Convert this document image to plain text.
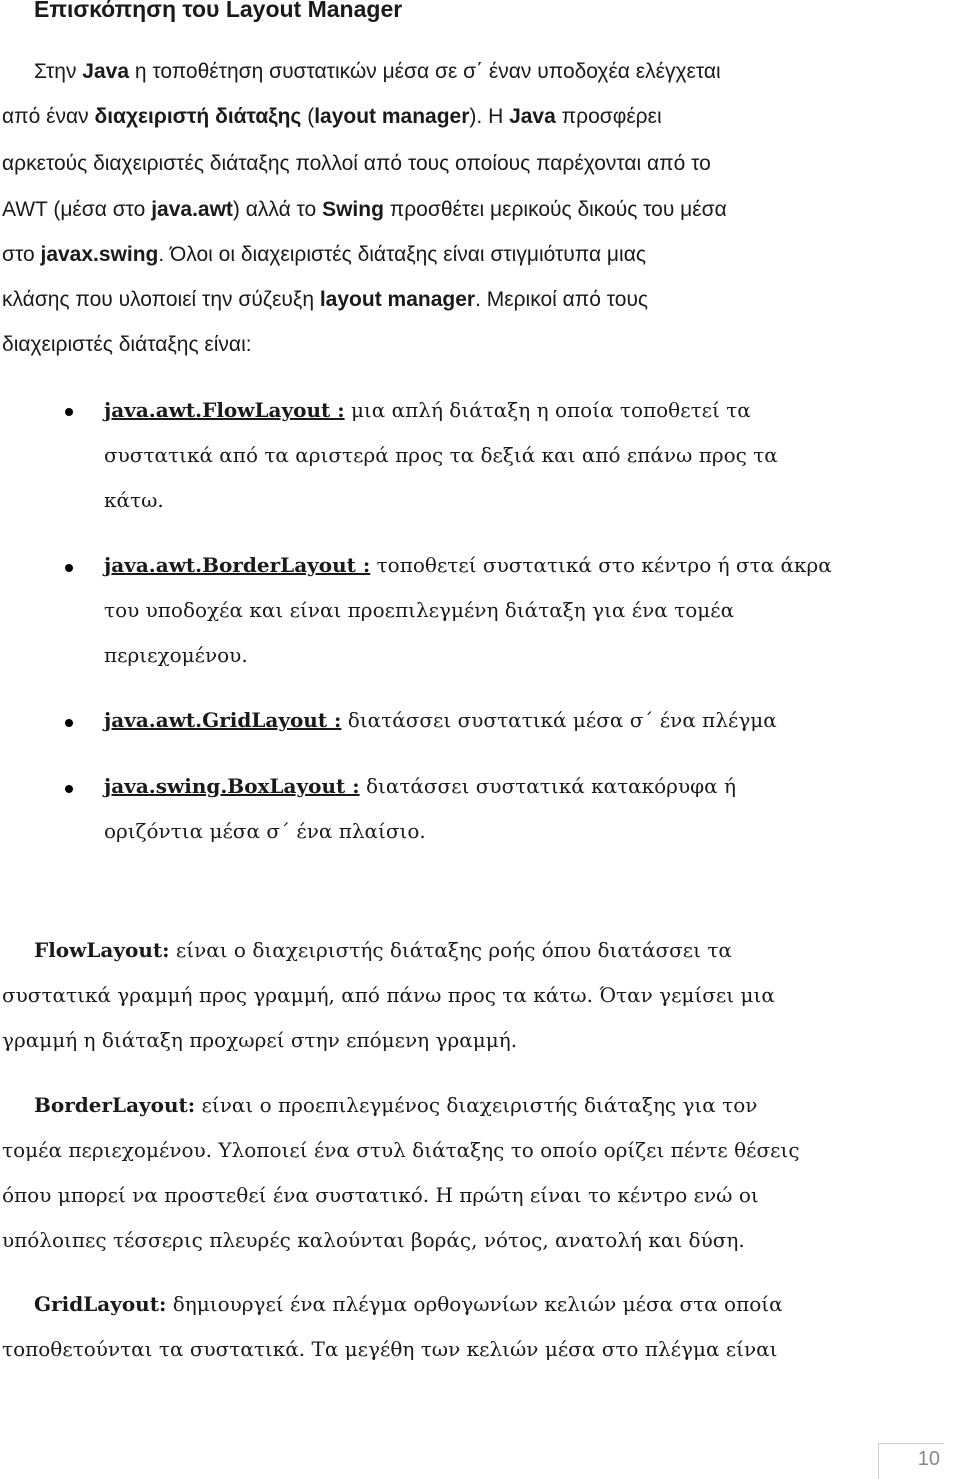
Επισκόπηση του Layout Manager
Στην Java η τοποθέτηση συστατικών μέσα σε σ΄ έναν υποδοχέα ελέγχεται
από έναν διαχειριστή διάταξης (layout manager). Η Java προσφέρει
αρκετούς διαχειριστές διάταξης πολλοί από τους οποίους παρέχονται από το
AWT (μέσα στο java.awt) αλλά το Swing προσθέτει μερικούς δικούς του μέσα
στο javax.swing. Όλοι οι διαχειριστές διάταξης είναι στιγμιότυπα μιας
κλάσης που υλοποιεί την σύζευξη layout manager. Μερικοί από τους
διαχειριστές διάταξης είναι:
java.awt.FlowLayout : μια απλή διάταξη η οποία τοποθετεί τα
συστατικά από τα αριστερά προς τα δεξιά και από επάνω προς τα
κάτω.
java.awt.BorderLayout : τοποθετεί συστατικά στο κέντρο ή στα άκρα
του υποδοχέα και είναι προεπιλεγμένη διάταξη για ένα τομέα
περιεχομένου.
java.awt.GridLayout : διατάσσει συστατικά μέσα σ΄ ένα πλέγμα
java.swing.BoxLayout : διατάσσει συστατικά κατακόρυφα ή
οριζόντια μέσα σ΄ ένα πλαίσιο.
FlowLayout: είναι ο διαχειριστής διάταξης ροής όπου διατάσσει τα
συστατικά γραμμή προς γραμμή, από πάνω προς τα κάτω. Όταν γεμίσει μια
γραμμή η διάταξη προχωρεί στην επόμενη γραμμή.
BorderLayout: είναι ο προεπιλεγμένος διαχειριστής διάταξης για τον
τομέα περιεχομένου. Υλοποιεί ένα στυλ διάταξης το οποίο ορίζει πέντε θέσεις
όπου μπορεί να προστεθεί ένα συστατικό. Η πρώτη είναι το κέντρο ενώ οι
υπόλοιπες τέσσερις πλευρές καλούνται βοράς, νότος, ανατολή και δύση.
GridLayout: δημιουργεί ένα πλέγμα ορθογωνίων κελιών μέσα στα οποία
τοποθετούνται τα συστατικά. Τα μεγέθη των κελιών μέσα στο πλέγμα είναι
10
